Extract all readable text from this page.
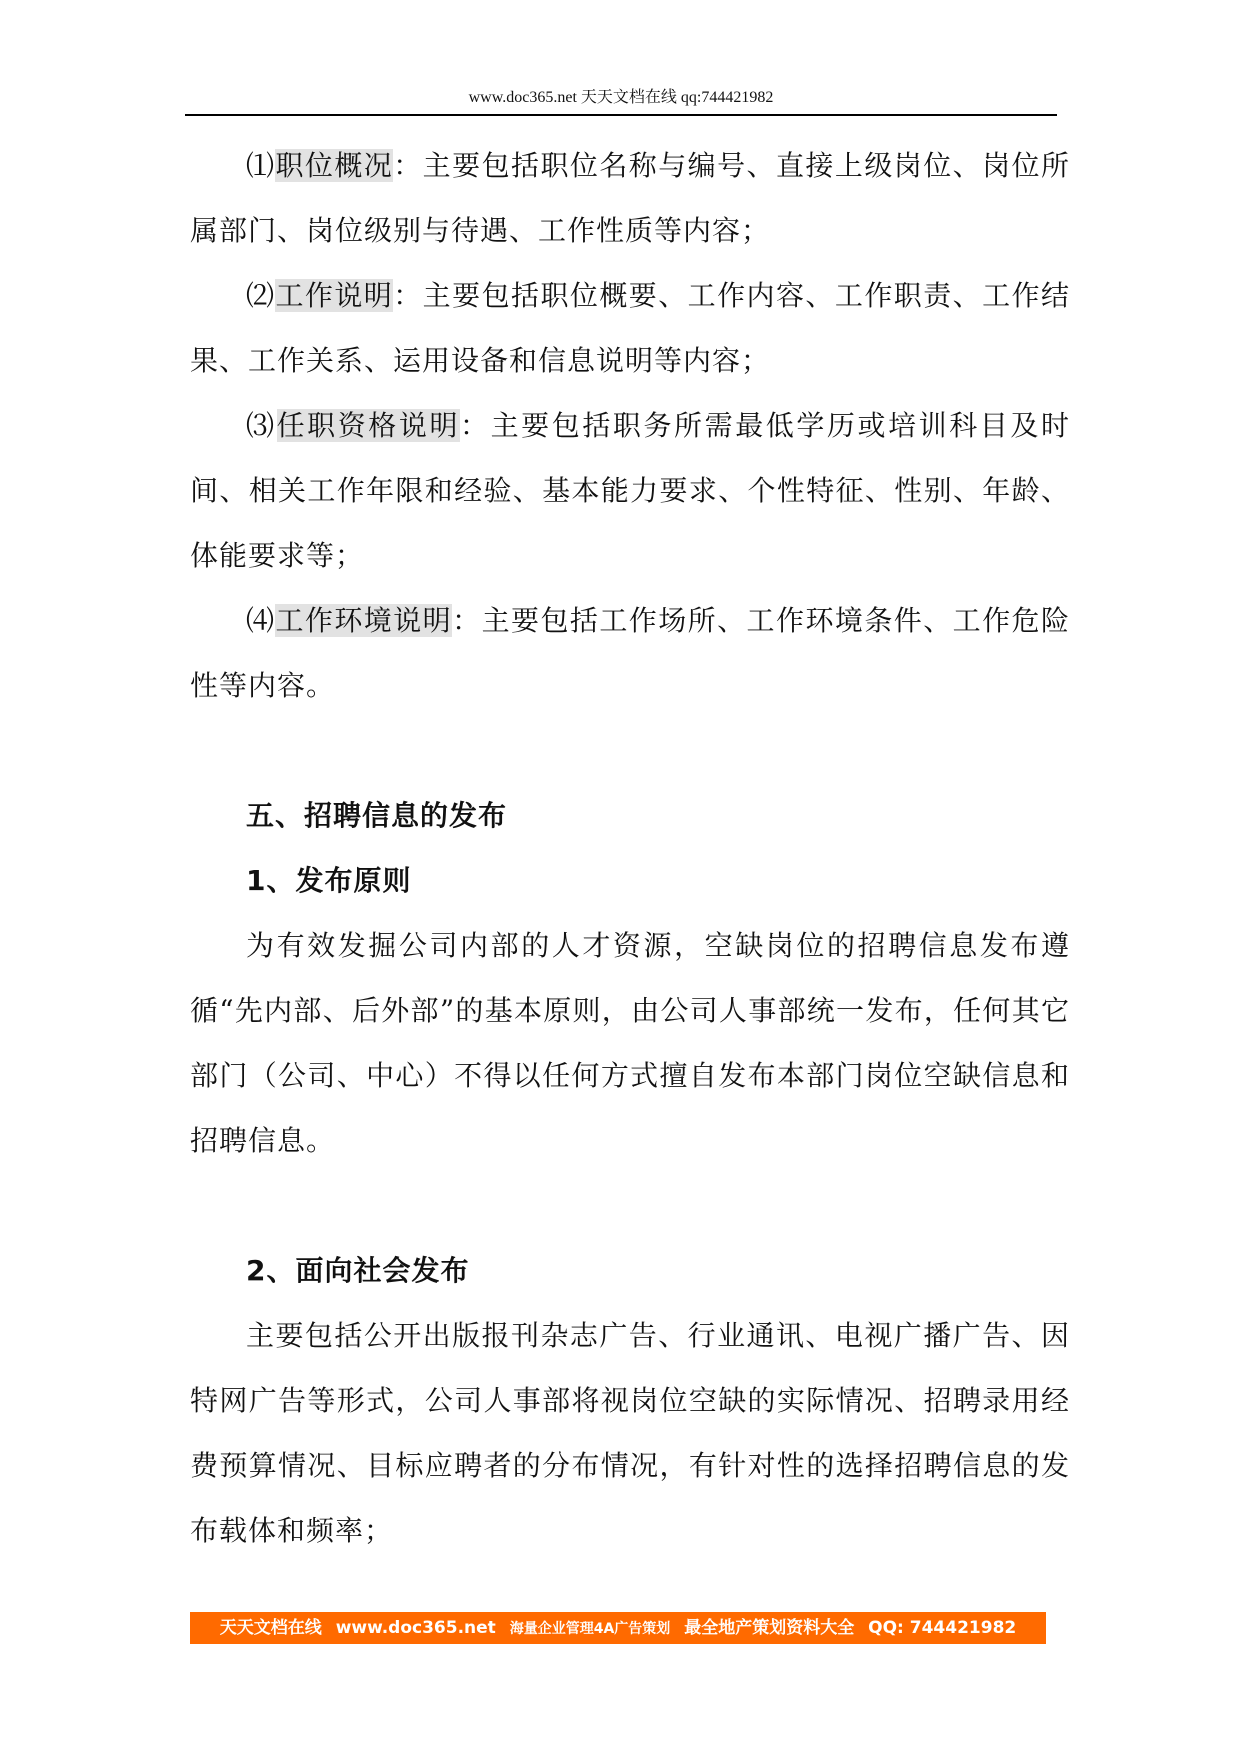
www.doc365.net 天天文档在线 qq:744421982

⑴职位概况：主要包括职位名称与编号、直接上级岗位、岗位所属部门、岗位级别与待遇、工作性质等内容；

⑵工作说明：主要包括职位概要、工作内容、工作职责、工作结果、工作关系、运用设备和信息说明等内容；

⑶任职资格说明：主要包括职务所需最低学历或培训科目及时间、相关工作年限和经验、基本能力要求、个性特征、性别、年龄、体能要求等；

⑷工作环境说明：主要包括工作场所、工作环境条件、工作危险性等内容。

五、招聘信息的发布

1、发布原则

为有效发掘公司内部的人才资源，空缺岗位的招聘信息发布遵循“先内部、后外部”的基本原则，由公司人事部统一发布，任何其它部门（公司、中心）不得以任何方式擅自发布本部门岗位空缺信息和招聘信息。

2、面向社会发布

主要包括公开出版报刊杂志广告、行业通讯、电视广播广告、因特网广告等形式，公司人事部将视岗位空缺的实际情况、招聘录用经费预算情况、目标应聘者的分布情况，有针对性的选择招聘信息的发布载体和频率；

天天文档在线 www.doc365.net 海量企业管理4A广告策划 最全地产策划资料大全 QQ: 744421982
